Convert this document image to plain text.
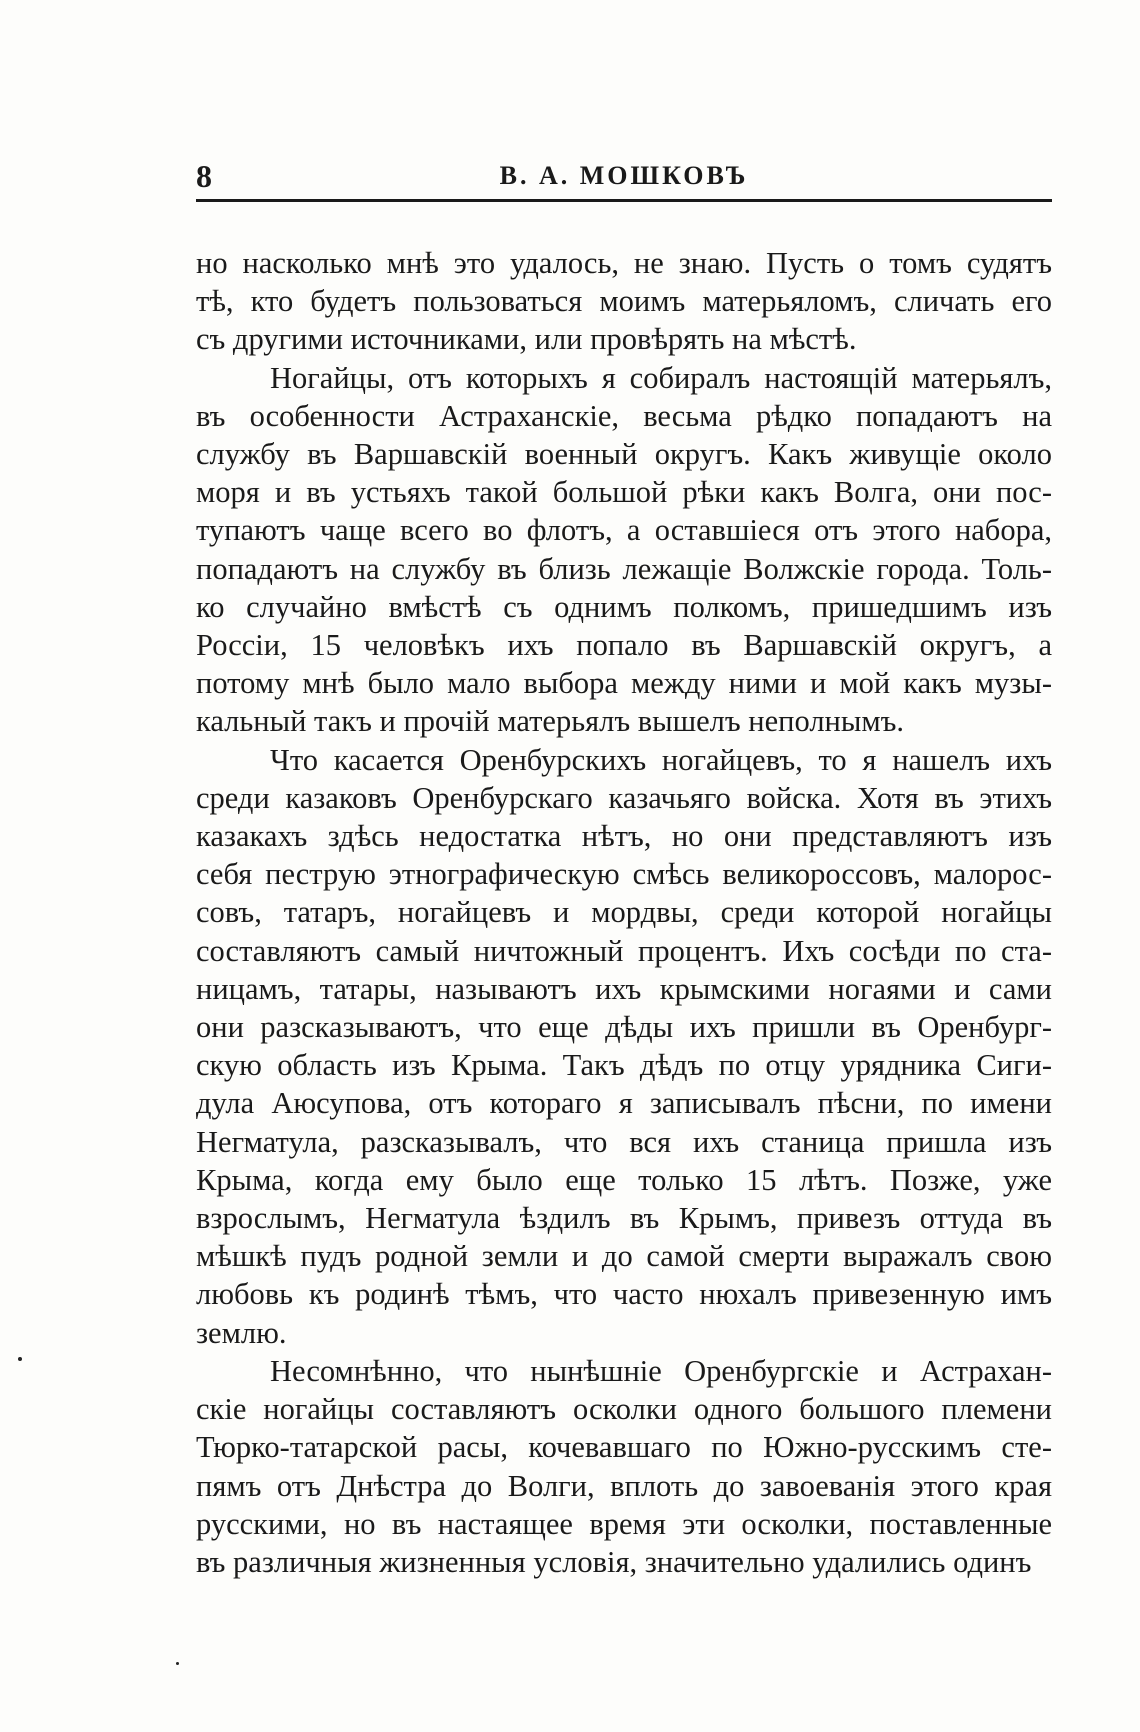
8	В. А. МОШКОВЪ
но насколько мнѣ это удалось, не знаю. Пусть о томъ судятъ
тѣ, кто будетъ пользоваться моимъ матерьяломъ, сличать его
съ другими источниками, или провѣрять на мѣстѣ.
Ногайцы, отъ которыхъ я собиралъ настоящій матерьялъ,
въ особенности Астраханскіе, весьма рѣдко попадаютъ на
службу въ Варшавскій военный округъ. Какъ живущіе около
моря и въ устьяхъ такой большой рѣки какъ Волга, они пос-
тупаютъ чаще всего во флотъ, а оставшіеся отъ этого набора,
попадаютъ на службу въ близь лежащіе Волжскіе города. Толь-
ко случайно вмѣстѣ съ однимъ полкомъ, пришедшимъ изъ
Россіи, 15 человѣкъ ихъ попало въ Варшавскій округъ, а
потому мнѣ было мало выбора между ними и мой какъ музы-
кальный такъ и прочій матерьялъ вышелъ неполнымъ.
Что касается Оренбурскихъ ногайцевъ, то я нашелъ ихъ
среди казаковъ Оренбурскаго казачьяго войска. Хотя въ этихъ
казакахъ здѣсь недостатка нѣтъ, но они представляютъ изъ
себя пеструю этнографическую смѣсь великороссовъ, малорос-
совъ, татаръ, ногайцевъ и мордвы, среди которой ногайцы
составляютъ самый ничтожный процентъ. Ихъ сосѣди по ста-
ницамъ, татары, называютъ ихъ крымскими ногаями и сами
они разсказываютъ, что еще дѣды ихъ пришли въ Оренбург-
скую область изъ Крыма. Такъ дѣдъ по отцу урядника Сиги-
дула Аюсупова, отъ котораго я записывалъ пѣсни, по имени
Негматула, разсказывалъ, что вся ихъ станица пришла изъ
Крыма, когда ему было еще только 15 лѣтъ. Позже, уже
взрослымъ, Негматула ѣздилъ въ Крымъ, привезъ оттуда въ
мѣшкѣ пудъ родной земли и до самой смерти выражалъ свою
любовь къ родинѣ тѣмъ, что часто нюхалъ привезенную имъ
землю.
Несомнѣнно, что нынѣшніе Оренбургскіе и Астрахан-
скіе ногайцы составляютъ осколки одного большого племени
Тюрко-татарской расы, кочевавшаго по Южно-русскимъ сте-
пямъ отъ Днѣстра до Волги, вплоть до завоеванія этого края
русскими, но въ настаящее время эти осколки, поставленные
въ различныя жизненныя условія, значительно удалились одинъ
